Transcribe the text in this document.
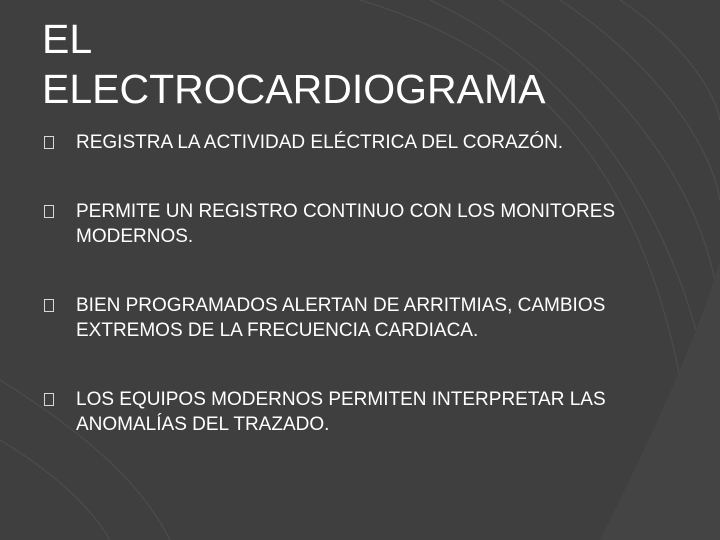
EL
ELECTROCARDIOGRAMA
REGISTRA LA ACTIVIDAD ELÉCTRICA DEL CORAZÓN.
PERMITE UN REGISTRO CONTINUO CON LOS MONITORES MODERNOS.
BIEN PROGRAMADOS ALERTAN DE ARRITMIAS, CAMBIOS EXTREMOS DE LA FRECUENCIA CARDIACA.
LOS EQUIPOS MODERNOS PERMITEN INTERPRETAR LAS ANOMALÍAS DEL TRAZADO.
